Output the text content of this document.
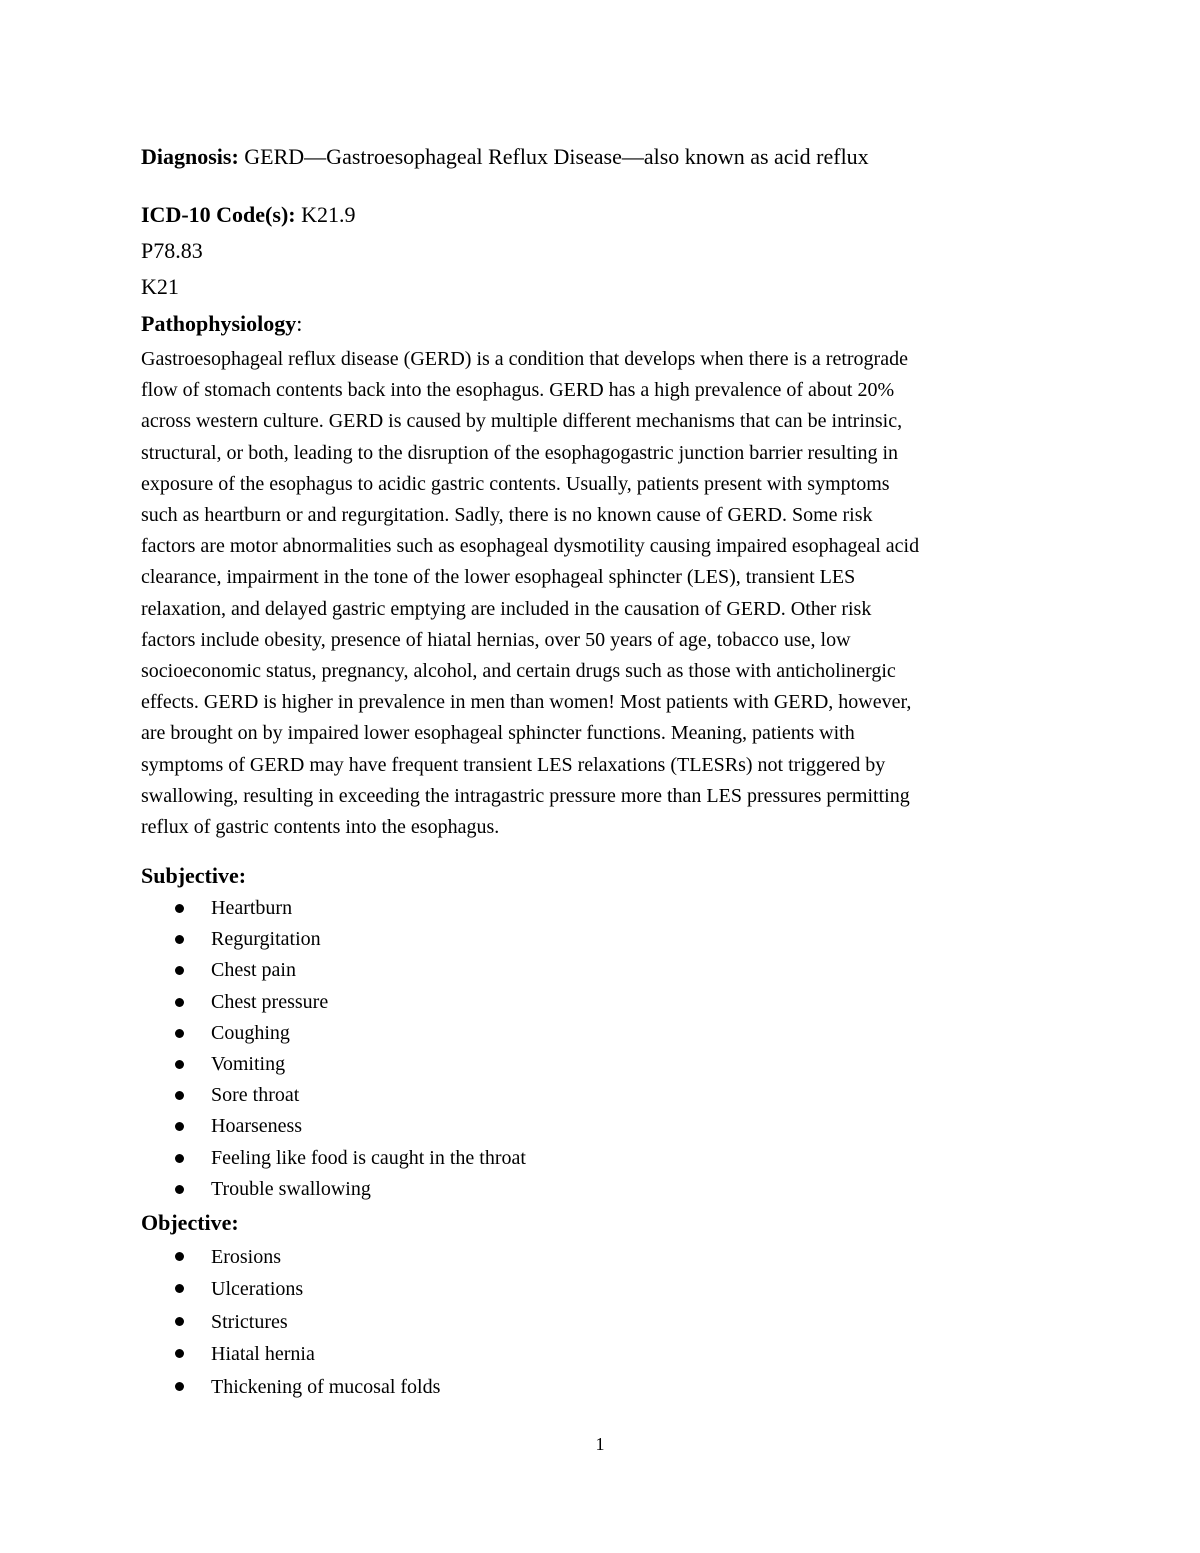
Diagnosis: GERD—Gastroesophageal Reflux Disease—also known as acid reflux
ICD-10 Code(s): K21.9
P78.83
K21
Pathophysiology:

Gastroesophageal reflux disease (GERD) is a condition that develops when there is a retrograde

flow of stomach contents back into the esophagus. GERD has a high prevalence of about 20%

across western culture. GERD is caused by multiple different mechanisms that can be intrinsic,

structural, or both, leading to the disruption of the esophagogastric junction barrier resulting in

exposure of the esophagus to acidic gastric contents. Usually, patients present with symptoms

such as heartburn or and regurgitation. Sadly, there is no known cause of GERD. Some risk

factors are motor abnormalities such as esophageal dysmotility causing impaired esophageal acid

clearance, impairment in the tone of the lower esophageal sphincter (LES), transient LES

relaxation, and delayed gastric emptying are included in the causation of GERD. Other risk

factors include obesity, presence of hiatal hernias, over 50 years of age, tobacco use, low

socioeconomic status, pregnancy, alcohol, and certain drugs such as those with anticholinergic

effects. GERD is higher in prevalence in men than women! Most patients with GERD, however,

are brought on by impaired lower esophageal sphincter functions. Meaning, patients with

symptoms of GERD may have frequent transient LES relaxations (TLESRs) not triggered by

swallowing, resulting in exceeding the intragastric pressure more than LES pressures permitting

reflux of gastric contents into the esophagus.

Subjective:
Heartburn
Regurgitation
Chest pain
Chest pressure
Coughing
Vomiting
Sore throat
Hoarseness
Feeling like food is caught in the throat
Trouble swallowing
Objective:
Erosions
Ulcerations
Strictures
Hiatal hernia
Thickening of mucosal folds
1
